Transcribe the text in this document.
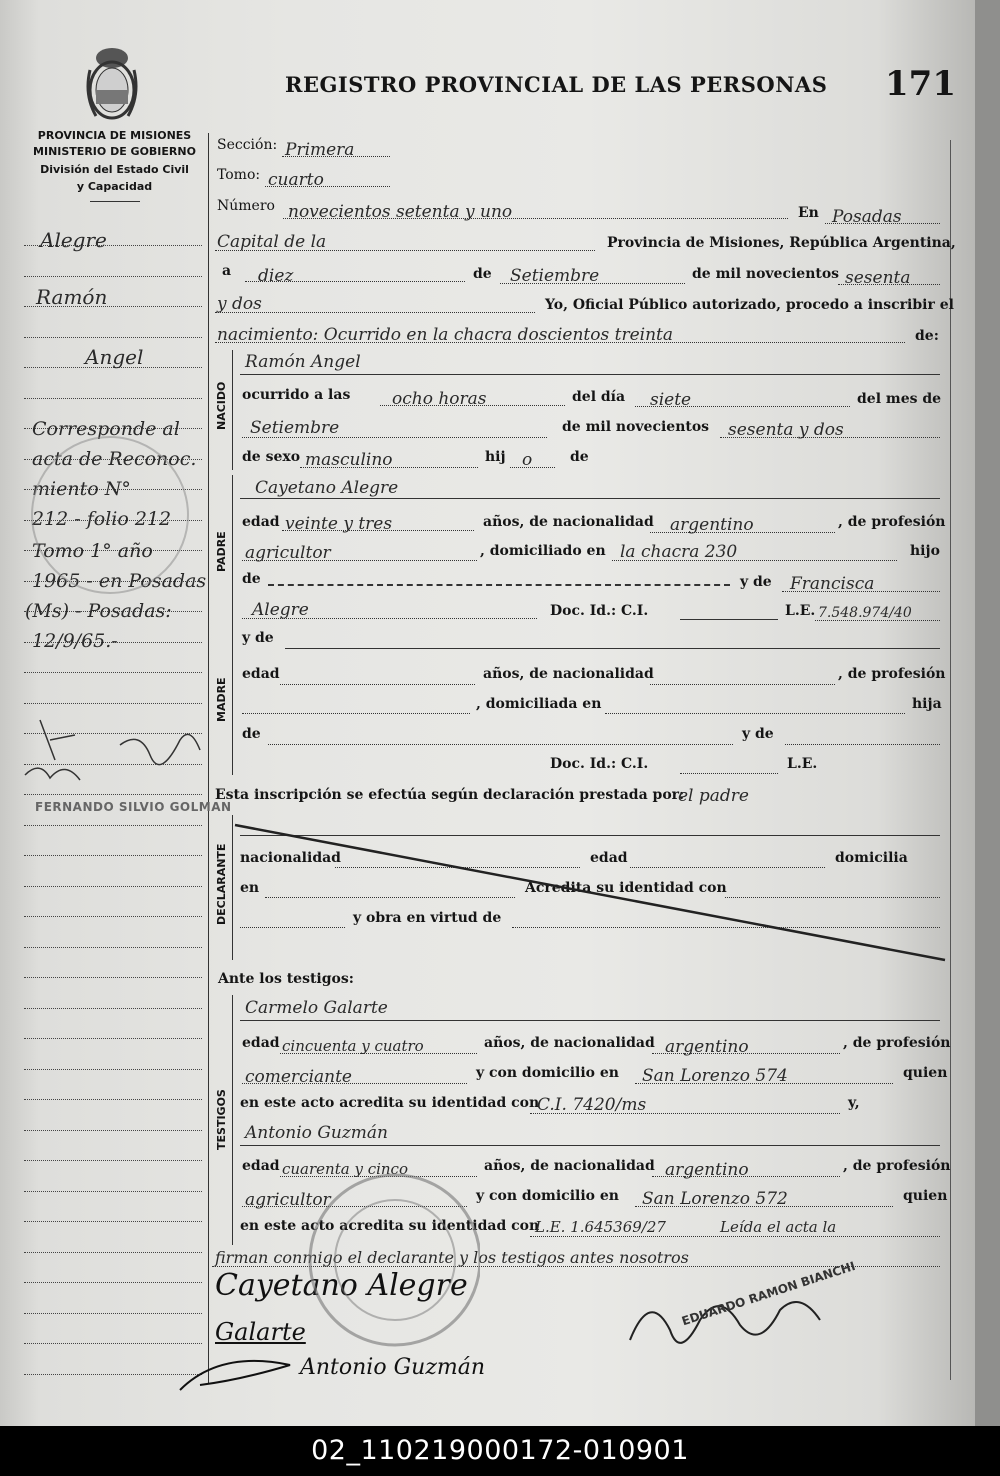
REGISTRO PROVINCIAL DE LAS PERSONAS 171
PROVINCIA DE MISIONES
MINISTERIO DE GOBIERNO
División del Estado Civil
y Capacidad
Alegre
Ramón
Angel
Corresponde al
acta de Reconoc.
miento N°
212 - folio 212
Tomo 1° año
1965 - en Posadas
(Ms) - Posadas:
12/9/65.-
FERNANDO SILVIO GOLMAN
Sección: Primera
Tomo: cuarto
Número novecientos setenta y uno	En Posadas
Capital de la	Provincia de Misiones, República Argentina,
a diez	de Setiembre	de mil novecientos sesenta
y dos	Yo, Oficial Público autorizado, procedo a inscribir el
nacimiento: Ocurrido en la chacra doscientos treinta	de:
NACIDO
Ramón Angel
ocurrido a las ocho horas	del día siete	del mes de
Setiembre	de mil novecientos sesenta y dos
de sexo masculino	hij o	de
PADRE
Cayetano Alegre
edad veinte y tres	años, de nacionalidad argentino	, de profesión
agricultor	, domiciliado en la chacra 230	hijo
de	y de Francisca
Alegre	Doc. Id.: C.I.	L.E. 7.548.974/40
MADRE
y de
edad	años, de nacionalidad	, de profesión
, domiciliada en	hija
de	y de
Doc. Id.: C.I.	L.E.
Esta inscripción se efectúa según declaración prestada por:
el padre
DECLARANTE nacionalidad	edad	domicilia
en	Acredita su identidad con
y obra en virtud de
Ante los testigos:
TESTIGOS
Carmelo Galarte
edad cincuenta y cuatro	años, de nacionalidad argentino	, de profesión
comerciante	y con domicilio en San Lorenzo 574	quien
en este acto acredita su identidad con
C.I. 7420/ms	y,
Antonio Guzmán
edad cuarenta y cinco	años, de nacionalidad argentino	, de profesión
agricultor	y con domicilio en San Lorenzo 572	quien
en este acto acredita su identidad con
L.E. 1.645369/27	Leída el acta la
firman conmigo el declarante y los testigos antes nosotros
Cayetano Alegre
Galarte
Antonio Guzmán
EDUARDO RAMON BIANCHI
02_110219000172-010901
